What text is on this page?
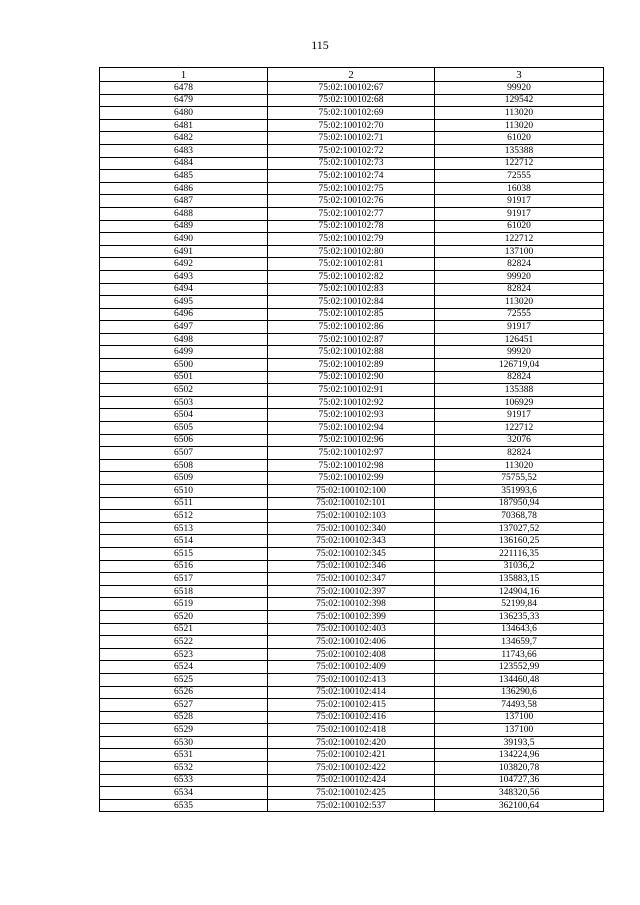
115
1	2	3
6478	75:02:100102:67	99920
6479	75:02:100102:68	129542
6480	75:02:100102:69	113020
6481	75:02:100102:70	113020
6482	75:02:100102:71	61020
6483	75:02:100102:72	135388
6484	75:02:100102:73	122712
6485	75:02:100102:74	72555
6486	75:02:100102:75	16038
6487	75:02:100102:76	91917
6488	75:02:100102:77	91917
6489	75:02:100102:78	61020
6490	75:02:100102:79	122712
6491	75:02:100102:80	137100
6492	75:02:100102:81	82824
6493	75:02:100102:82	99920
6494	75:02:100102:83	82824
6495	75:02:100102:84	113020
6496	75:02:100102:85	72555
6497	75:02:100102:86	91917
6498	75:02:100102:87	126451
6499	75:02:100102:88	99920
6500	75:02:100102:89	126719,04
6501	75:02:100102:90	82824
6502	75:02:100102:91	135388
6503	75:02:100102:92	106929
6504	75:02:100102:93	91917
6505	75:02:100102:94	122712
6506	75:02:100102:96	32076
6507	75:02:100102:97	82824
6508	75:02:100102:98	113020
6509	75:02:100102:99	75755,52
6510	75:02:100102:100	351993,6
6511	75:02:100102:101	187950,94
6512	75:02:100102:103	70368,78
6513	75:02:100102:340	137027,52
6514	75:02:100102:343	136160,25
6515	75:02:100102:345	221116,35
6516	75:02:100102:346	31036,2
6517	75:02:100102:347	135883,15
6518	75:02:100102:397	124904,16
6519	75:02:100102:398	52199,84
6520	75:02:100102:399	136235,33
6521	75:02:100102:403	134643,6
6522	75:02:100102:406	134659,7
6523	75:02:100102:408	11743,66
6524	75:02:100102:409	123552,99
6525	75:02:100102:413	134460,48
6526	75:02:100102:414	136290,6
6527	75:02:100102:415	74493,58
6528	75:02:100102:416	137100
6529	75:02:100102:418	137100
6530	75:02:100102:420	39193,5
6531	75:02:100102:421	134224,96
6532	75:02:100102:422	103820,78
6533	75:02:100102:424	104727,36
6534	75:02:100102:425	348320,56
6535	75:02:100102:537	362100,64
